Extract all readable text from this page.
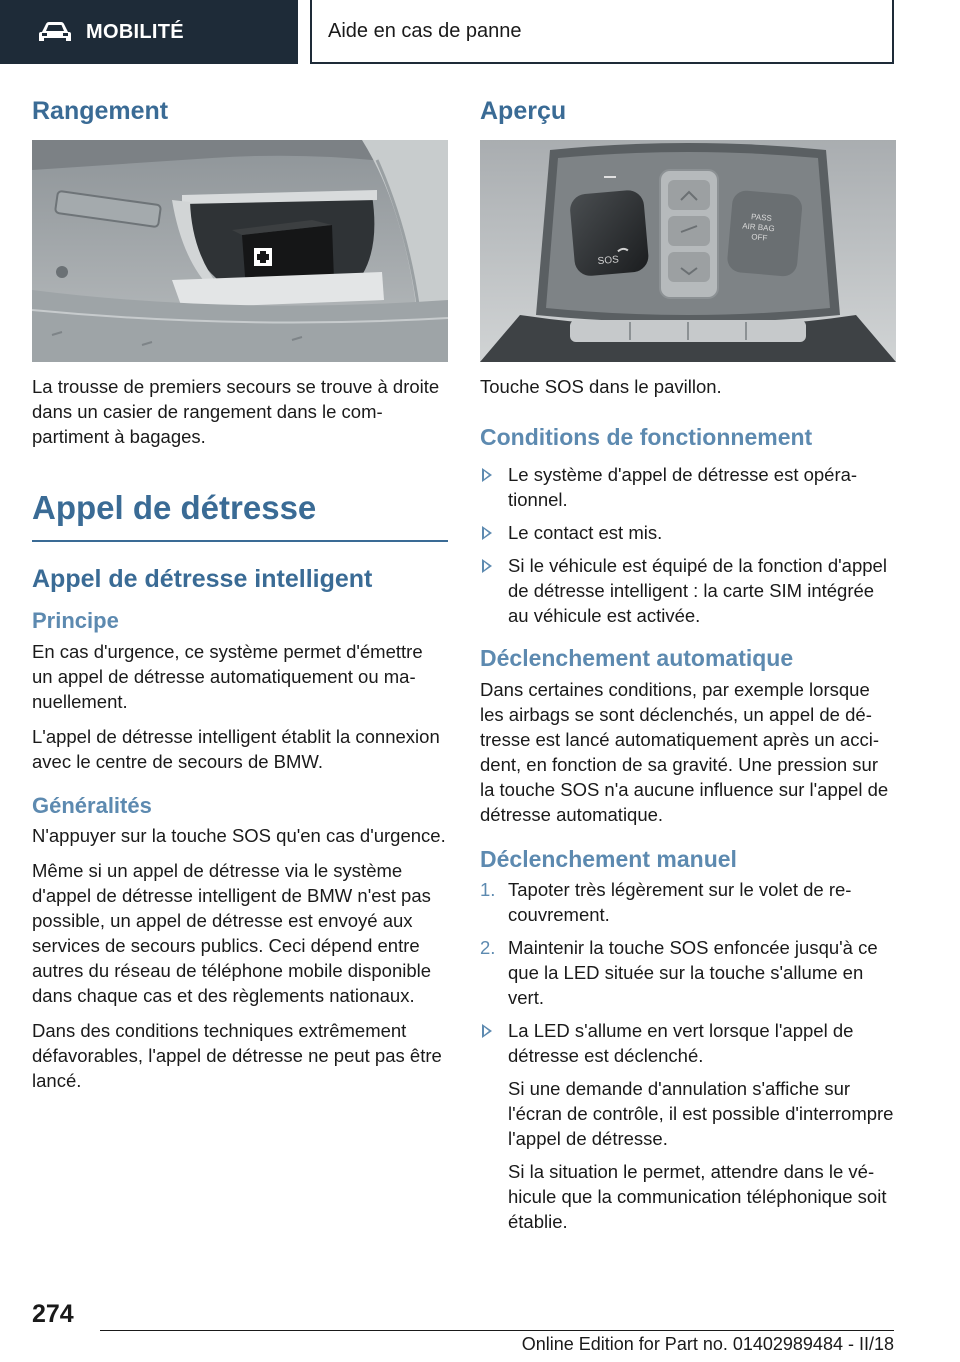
MOBILITÉ	Aide en cas de panne
Rangement

La trousse de premiers secours se trouve à droite dans un casier de rangement dans le compartiment à bagages.

Appel de détresse
Appel de détresse intelligent
Principe

En cas d'urgence, ce système permet d'émettre un appel de détresse automatiquement ou manuellement.

L'appel de détresse intelligent établit la connexion avec le centre de secours de BMW.

Généralités

N'appuyer sur la touche SOS qu'en cas d'urgence.

Même si un appel de détresse via le système d'appel de détresse intelligent de BMW n'est pas possible, un appel de détresse est envoyé aux services de secours publics. Ceci dépend entre autres du réseau de téléphone mobile disponible dans chaque cas et des règlements nationaux.

Dans des conditions techniques extrêmement défavorables, l'appel de détresse ne peut pas être lancé.

Aperçu
SOS
PASS
AIR BAG
OFF

Touche SOS dans le pavillon.

Conditions de fonctionnement
Le système d'appel de détresse est opérationnel.
Le contact est mis.
Si le véhicule est équipé de la fonction d'appel de détresse intelligent : la carte SIM intégrée au véhicule est activée.
Déclenchement automatique

Dans certaines conditions, par exemple lorsque les airbags se sont déclenchés, un appel de détresse est lancé automatiquement après un accident, en fonction de sa gravité. Une pression sur la touche SOS n'a aucune influence sur l'appel de détresse automatique.

Déclenchement manuel
1. Tapoter très légèrement sur le volet de recouvrement.
2. Maintenir la touche SOS enfoncée jusqu'à ce que la LED située sur la touche s'allume en vert.
La LED s'allume en vert lorsque l'appel de détresse est déclenché.
Si une demande d'annulation s'affiche sur l'écran de contrôle, il est possible d'interrompre l'appel de détresse.
Si la situation le permet, attendre dans le véhicule que la communication téléphonique soit établie.
274
Online Edition for Part no. 01402989484 - II/18
